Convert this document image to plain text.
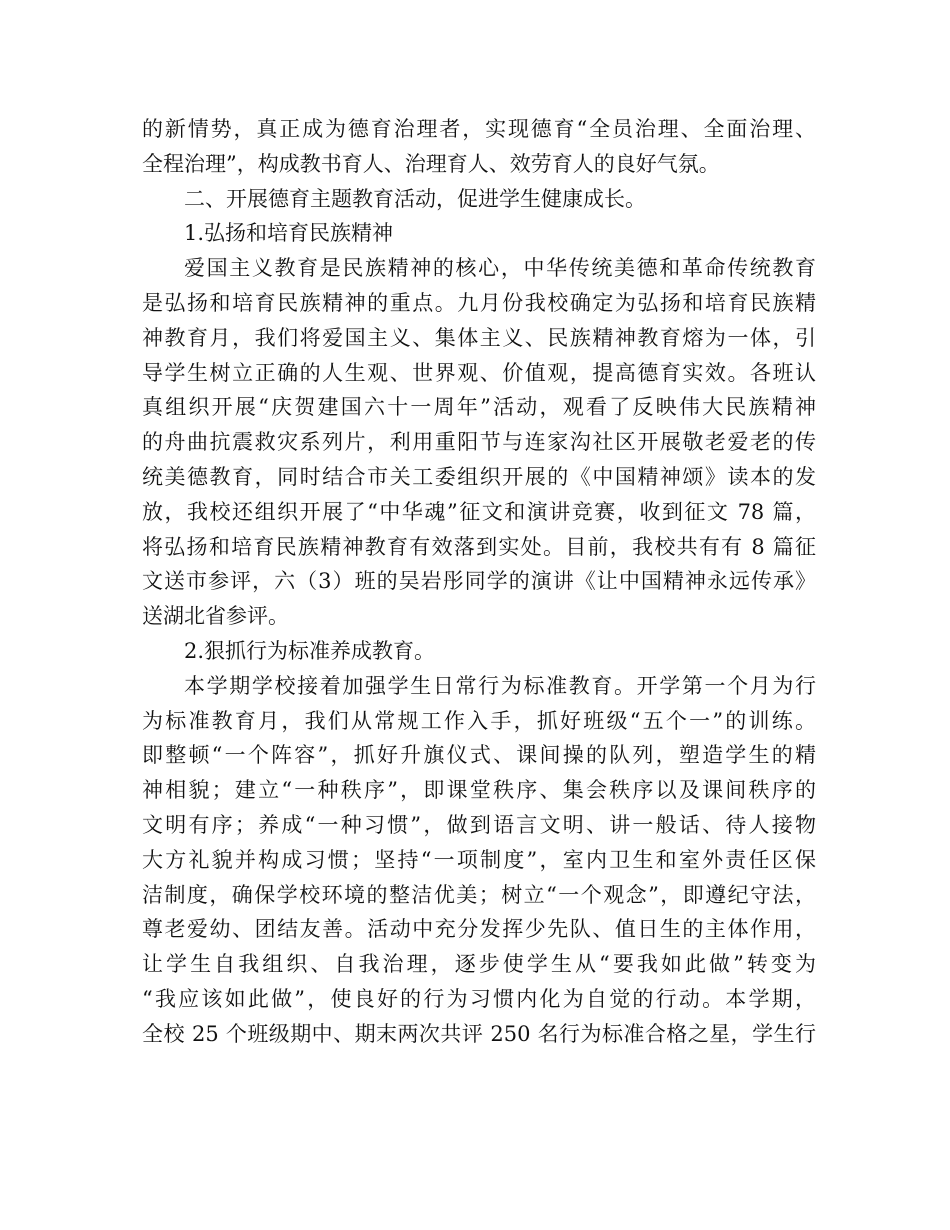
的新情势，真正成为德育治理者，实现德育“全员治理、全面治理、
全程治理”，构成教书育人、治理育人、效劳育人的良好气氛。
二、开展德育主题教育活动，促进学生健康成长。
1.弘扬和培育民族精神
爱国主义教育是民族精神的核心，中华传统美德和革命传统教育
是弘扬和培育民族精神的重点。九月份我校确定为弘扬和培育民族精
神教育月，我们将爱国主义、集体主义、民族精神教育熔为一体，引
导学生树立正确的人生观、世界观、价值观，提高德育实效。各班认
真组织开展“庆贺建国六十一周年”活动，观看了反映伟大民族精神
的舟曲抗震救灾系列片，利用重阳节与连家沟社区开展敬老爱老的传
统美德教育，同时结合市关工委组织开展的《中国精神颂》读本的发
放，我校还组织开展了“中华魂”征文和演讲竞赛，收到征文 78 篇，
将弘扬和培育民族精神教育有效落到实处。目前，我校共有有 8 篇征
文送市参评，六（3）班的吴岩彤同学的演讲《让中国精神永远传承》
送湖北省参评。
2.狠抓行为标准养成教育。
本学期学校接着加强学生日常行为标准教育。开学第一个月为行
为标准教育月，我们从常规工作入手，抓好班级“五个一”的训练。
即整顿“一个阵容”，抓好升旗仪式、课间操的队列，塑造学生的精
神相貌；建立“一种秩序”，即课堂秩序、集会秩序以及课间秩序的
文明有序；养成“一种习惯”，做到语言文明、讲一般话、待人接物
大方礼貌并构成习惯；坚持“一项制度”，室内卫生和室外责任区保
洁制度，确保学校环境的整洁优美；树立“一个观念”，即遵纪守法，
尊老爱幼、团结友善。活动中充分发挥少先队、值日生的主体作用，
让学生自我组织、自我治理，逐步使学生从“要我如此做”转变为
“我应该如此做”，使良好的行为习惯内化为自觉的行动。本学期，
全校 25 个班级期中、期末两次共评 250 名行为标准合格之星，学生行
